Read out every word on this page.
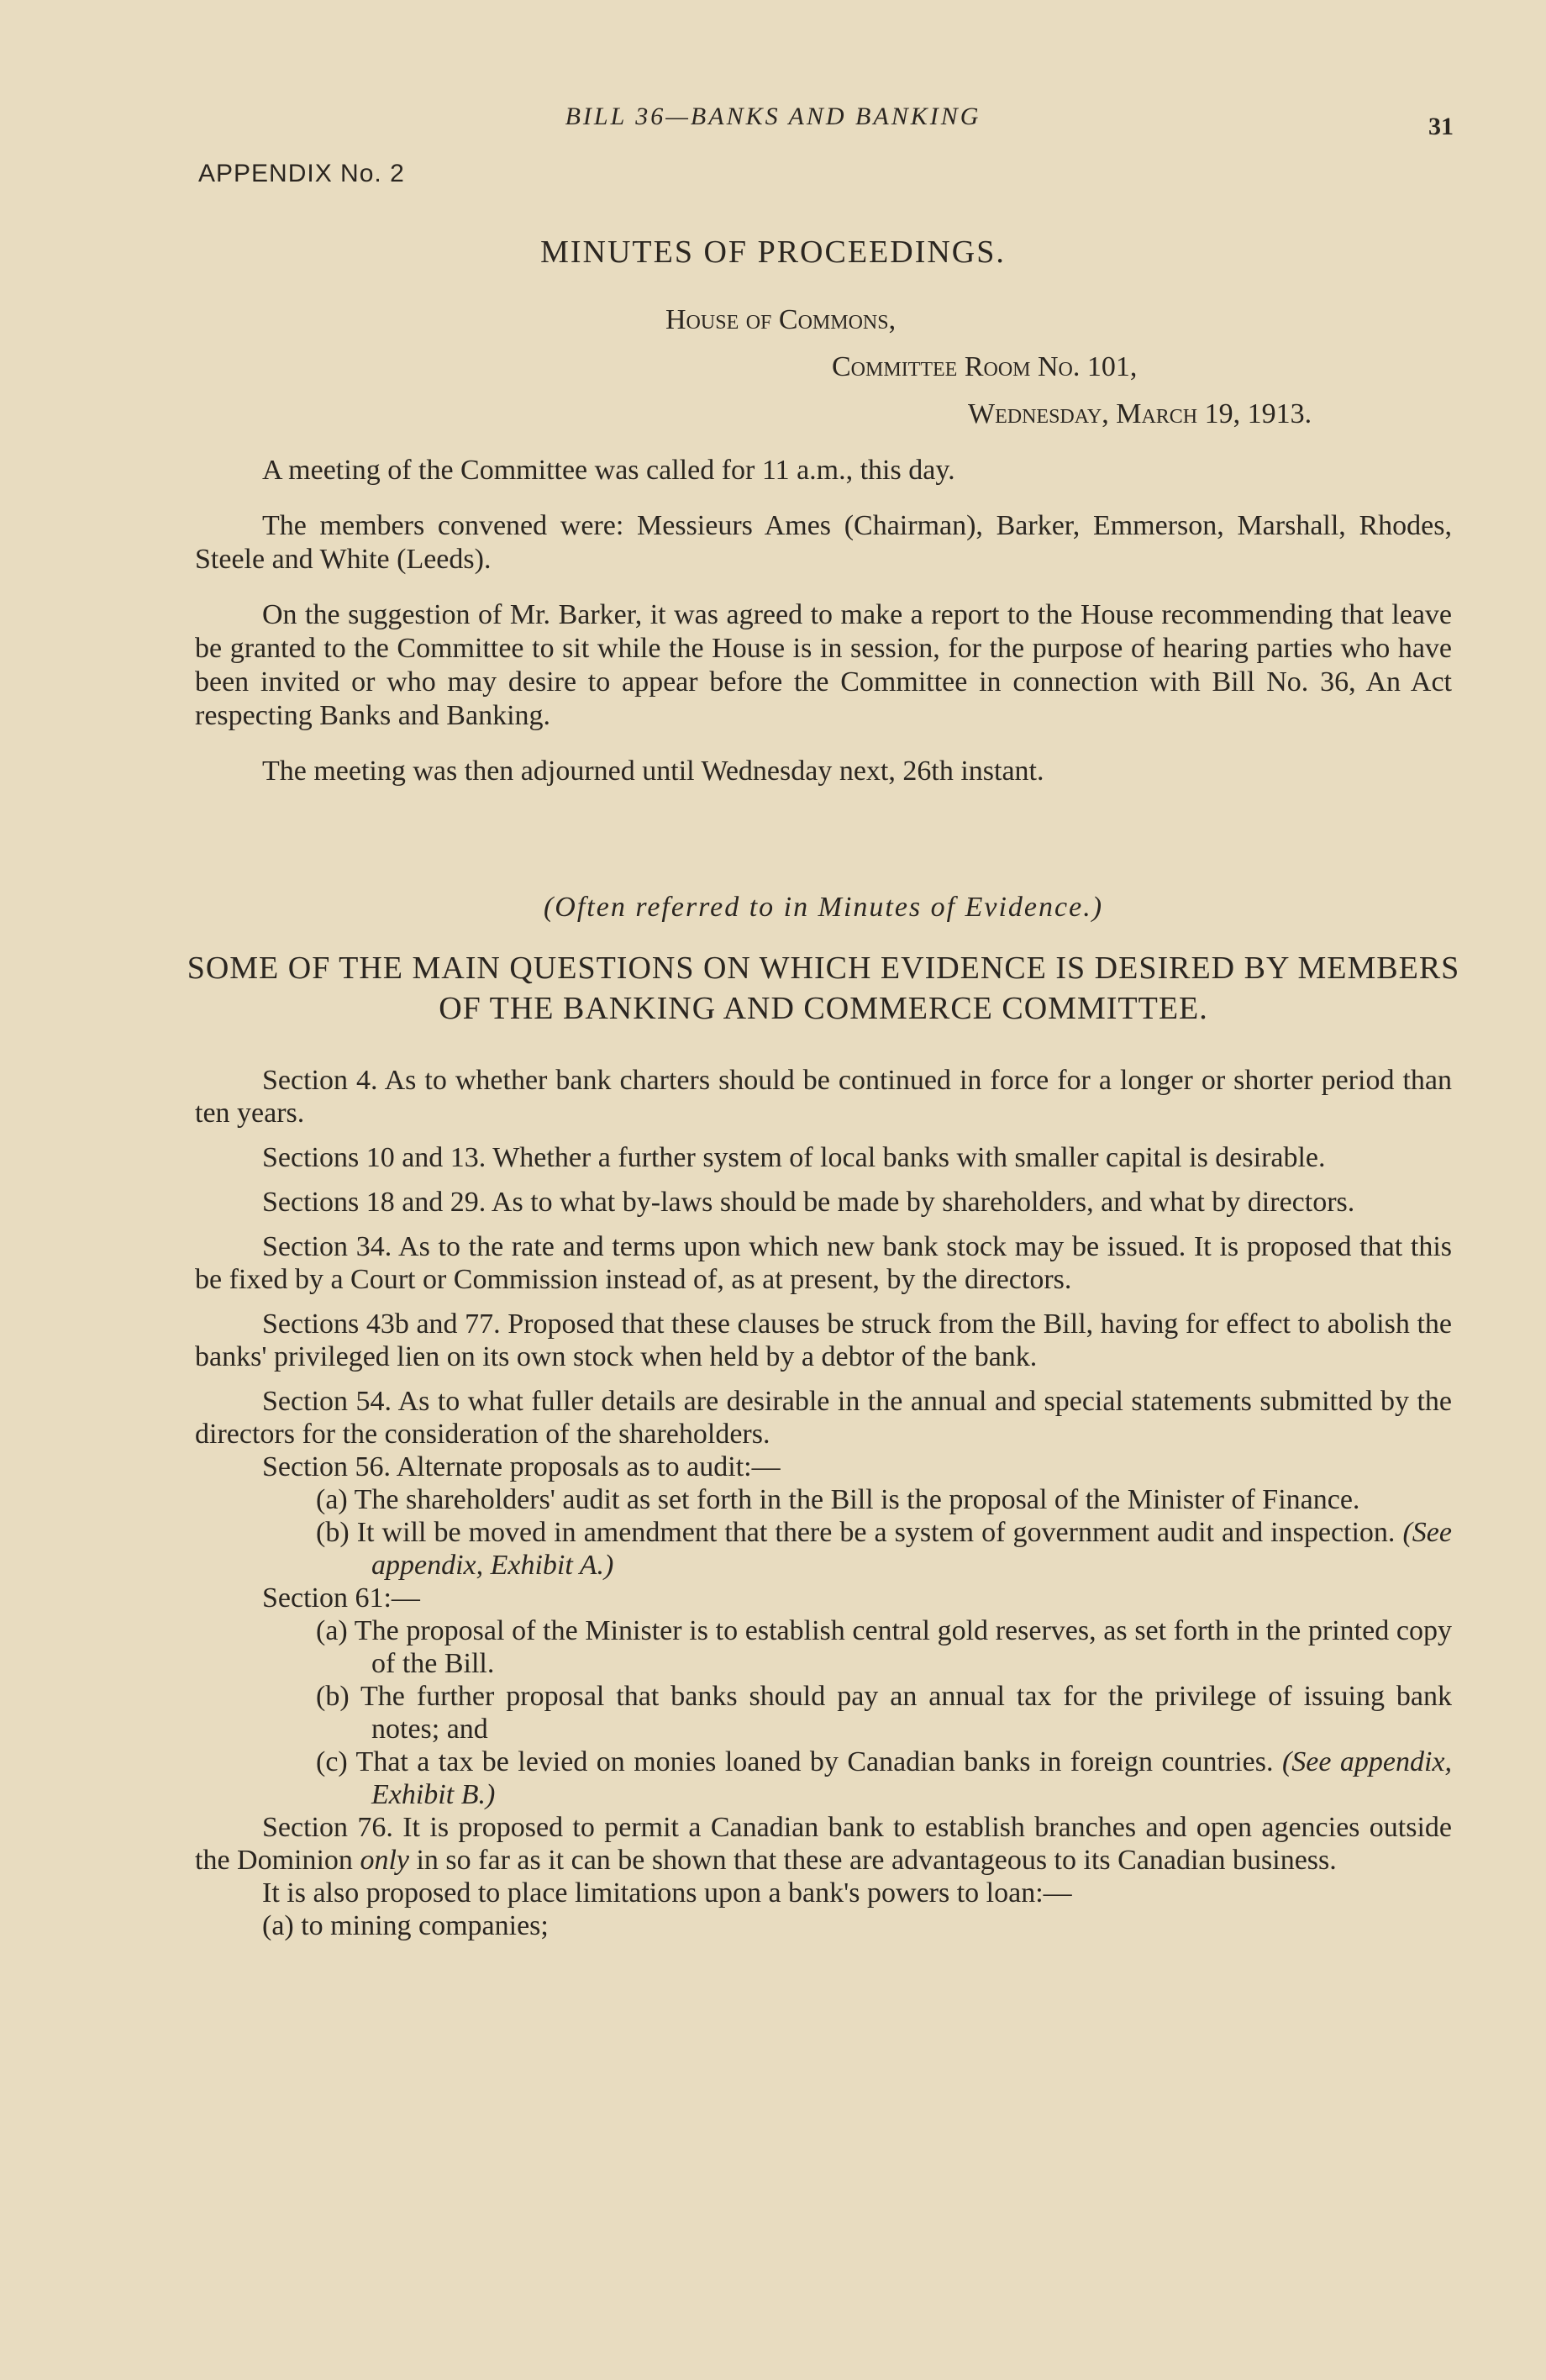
BILL 36—BANKS AND BANKING	31
APPENDIX No. 2
MINUTES OF PROCEEDINGS.
House of Commons,
Committee Room No. 101,
Wednesday, March 19, 1913.

A meeting of the Committee was called for 11 a.m., this day.

The members convened were: Messieurs Ames (Chairman), Barker, Emmerson, Marshall, Rhodes, Steele and White (Leeds).

On the suggestion of Mr. Barker, it was agreed to make a report to the House recommending that leave be granted to the Committee to sit while the House is in session, for the purpose of hearing parties who have been invited or who may desire to appear before the Committee in connection with Bill No. 36, An Act respecting Banks and Banking.

The meeting was then adjourned until Wednesday next, 26th instant.

(Often referred to in Minutes of Evidence.)
SOME OF THE MAIN QUESTIONS ON WHICH EVIDENCE IS DESIRED BY MEMBERS OF THE BANKING AND COMMERCE COMMITTEE.

Section 4. As to whether bank charters should be continued in force for a longer or shorter period than ten years.

Sections 10 and 13. Whether a further system of local banks with smaller capital is desirable.

Sections 18 and 29. As to what by-laws should be made by shareholders, and what by directors.

Section 34. As to the rate and terms upon which new bank stock may be issued. It is proposed that this be fixed by a Court or Commission instead of, as at present, by the directors.

Sections 43b and 77. Proposed that these clauses be struck from the Bill, having for effect to abolish the banks' privileged lien on its own stock when held by a debtor of the bank.

Section 54. As to what fuller details are desirable in the annual and special statements submitted by the directors for the consideration of the shareholders.

Section 56. Alternate proposals as to audit:—

(a) The shareholders' audit as set forth in the Bill is the proposal of the Minister of Finance.

(b) It will be moved in amendment that there be a system of government audit and inspection. (See appendix, Exhibit A.)

Section 61:—

(a) The proposal of the Minister is to establish central gold reserves, as set forth in the printed copy of the Bill.

(b) The further proposal that banks should pay an annual tax for the privilege of issuing bank notes; and

(c) That a tax be levied on monies loaned by Canadian banks in foreign countries. (See appendix, Exhibit B.)

Section 76. It is proposed to permit a Canadian bank to establish branches and open agencies outside the Dominion only in so far as it can be shown that these are advantageous to its Canadian business.

It is also proposed to place limitations upon a bank's powers to loan:—

(a) to mining companies;
